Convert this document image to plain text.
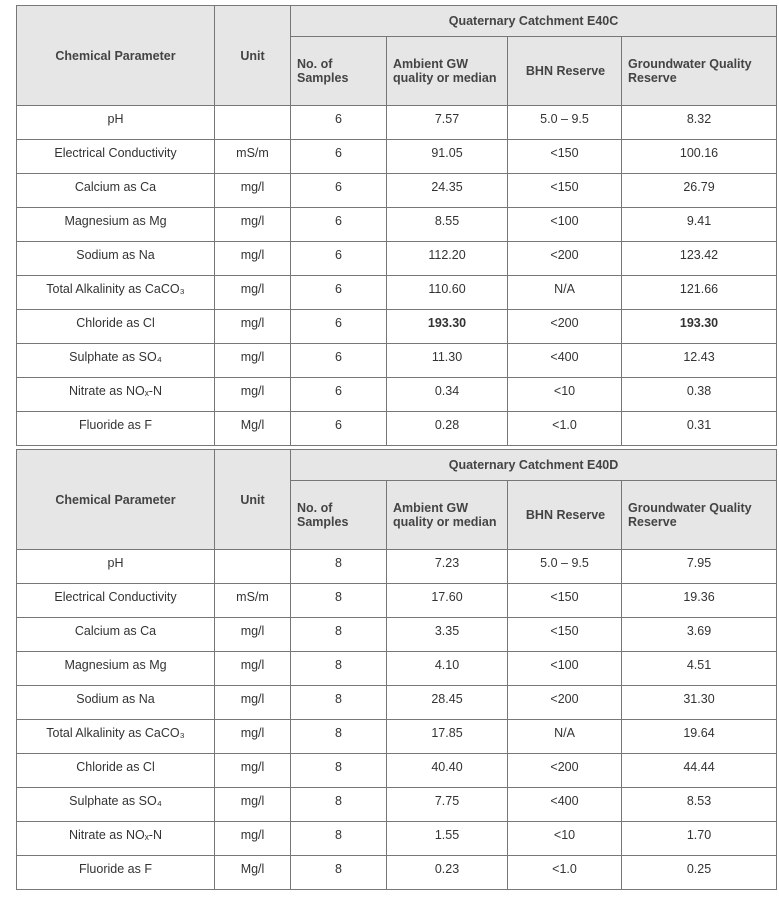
Chemical Parameter	Unit	Quaternary Catchment E40C			
		No. of Samples	Ambient GW quality or median	BHN Reserve	Groundwater Quality Reserve
pH		6	7.57	5.0 – 9.5	8.32
Electrical Conductivity	mS/m	6	91.05	<150	100.16
Calcium as Ca	mg/l	6	24.35	<150	26.79
Magnesium as Mg	mg/l	6	8.55	<100	9.41
Sodium as Na	mg/l	6	112.20	<200	123.42
Total Alkalinity as CaCO₃	mg/l	6	110.60	N/A	121.66
Chloride as Cl	mg/l	6	193.30	<200	193.30
Sulphate as SO₄	mg/l	6	11.30	<400	12.43
Nitrate as NOₓ-N	mg/l	6	0.34	<10	0.38
Fluoride as F	Mg/l	6	0.28	<1.0	0.31
Chemical Parameter	Unit	Quaternary Catchment E40D			
		No. of Samples	Ambient GW quality or median	BHN Reserve	Groundwater Quality Reserve
pH		8	7.23	5.0 – 9.5	7.95
Electrical Conductivity	mS/m	8	17.60	<150	19.36
Calcium as Ca	mg/l	8	3.35	<150	3.69
Magnesium as Mg	mg/l	8	4.10	<100	4.51
Sodium as Na	mg/l	8	28.45	<200	31.30
Total Alkalinity as CaCO₃	mg/l	8	17.85	N/A	19.64
Chloride as Cl	mg/l	8	40.40	<200	44.44
Sulphate as SO₄	mg/l	8	7.75	<400	8.53
Nitrate as NOₓ-N	mg/l	8	1.55	<10	1.70
Fluoride as F	Mg/l	8	0.23	<1.0	0.25
